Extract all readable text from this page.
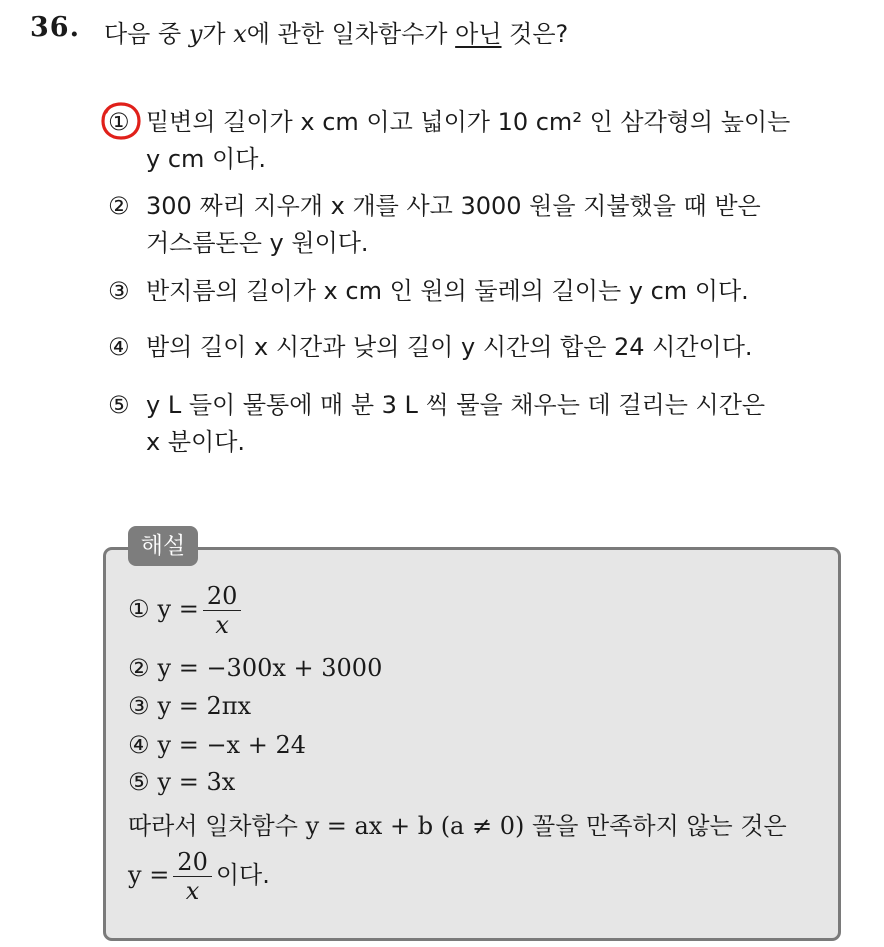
36. 다음 중 y가 x에 관한 일차함수가 아닌 것은?
① 밑변의 길이가 x cm 이고 넓이가 10 cm² 인 삼각형의 높이는
y cm 이다.
② 300 짜리 지우개 x 개를 사고 3000 원을 지불했을 때 받은
거스름돈은 y 원이다.
③ 반지름의 길이가 x cm 인 원의 둘레의 길이는 y cm 이다.
④ 밤의 길이 x 시간과 낮의 길이 y 시간의 합은 24 시간이다.
⑤ y L 들이 물통에 매 분 3 L 씩 물을 채우는 데 걸리는 시간은
x 분이다.
해설
① $y = \frac{20}{x}$
② y = −300x + 3000
③ y = 2πx
④ y = −x + 24
⑤ y = 3x
따라서 일차함수 y = ax + b (a ≠ 0) 꼴을 만족하지 않는 것은
$y = \frac{20}{x}$ 이다.
